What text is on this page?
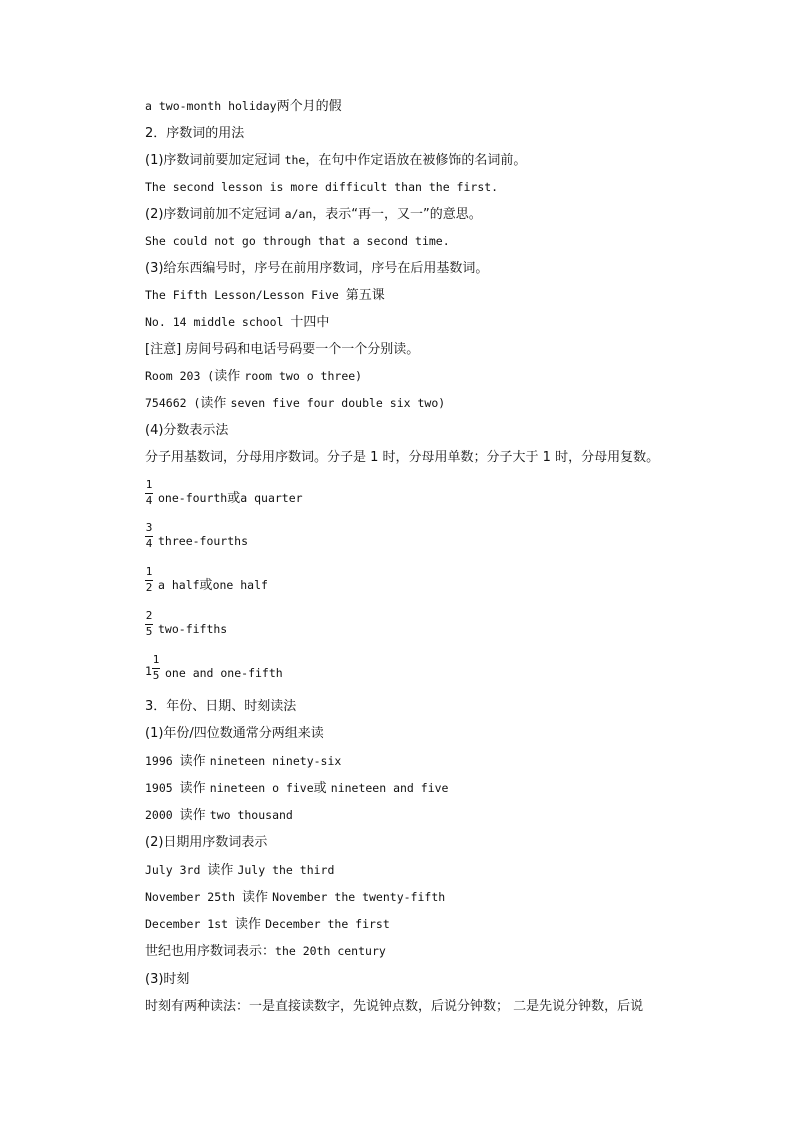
a two-month holiday两个月的假
2．序数词的用法
(1)序数词前要加定冠词 the，在句中作定语放在被修饰的名词前。
The second lesson is more difficult than the first.
(2)序数词前加不定冠词 a/an，表示“再一，又一”的意思。
She could not go through that a second time.
(3)给东西编号时，序号在前用序数词，序号在后用基数词。
The Fifth Lesson/Lesson Five 第五课
No. 14 middle school 十四中
[注意] 房间号码和电话号码要一个一个分别读。
Room 203 (读作 room two o three)
754662 (读作 seven five four double six two)
(4)分数表示法
分子用基数词，分母用序数词。分子是 1 时，分母用单数；分子大于 1 时，分母用复数。
1
4 one-fourth或a quarter
3
4 three-fourths
1
2 a half或one half
2
5 two-fifths
1
1
5 one and one-fifth
3．年份、日期、时刻读法
(1)年份/四位数通常分两组来读
1996 读作 nineteen ninety-six
1905 读作 nineteen o five或 nineteen and five
2000 读作 two thousand
(2)日期用序数词表示
July 3rd 读作 July the third
November 25th 读作 November the twenty-fifth
December 1st 读作 December the first
世纪也用序数词表示：the 20th century
(3)时刻
时刻有两种读法：一是直接读数字，先说钟点数，后说分钟数； 二是先说分钟数，后说
